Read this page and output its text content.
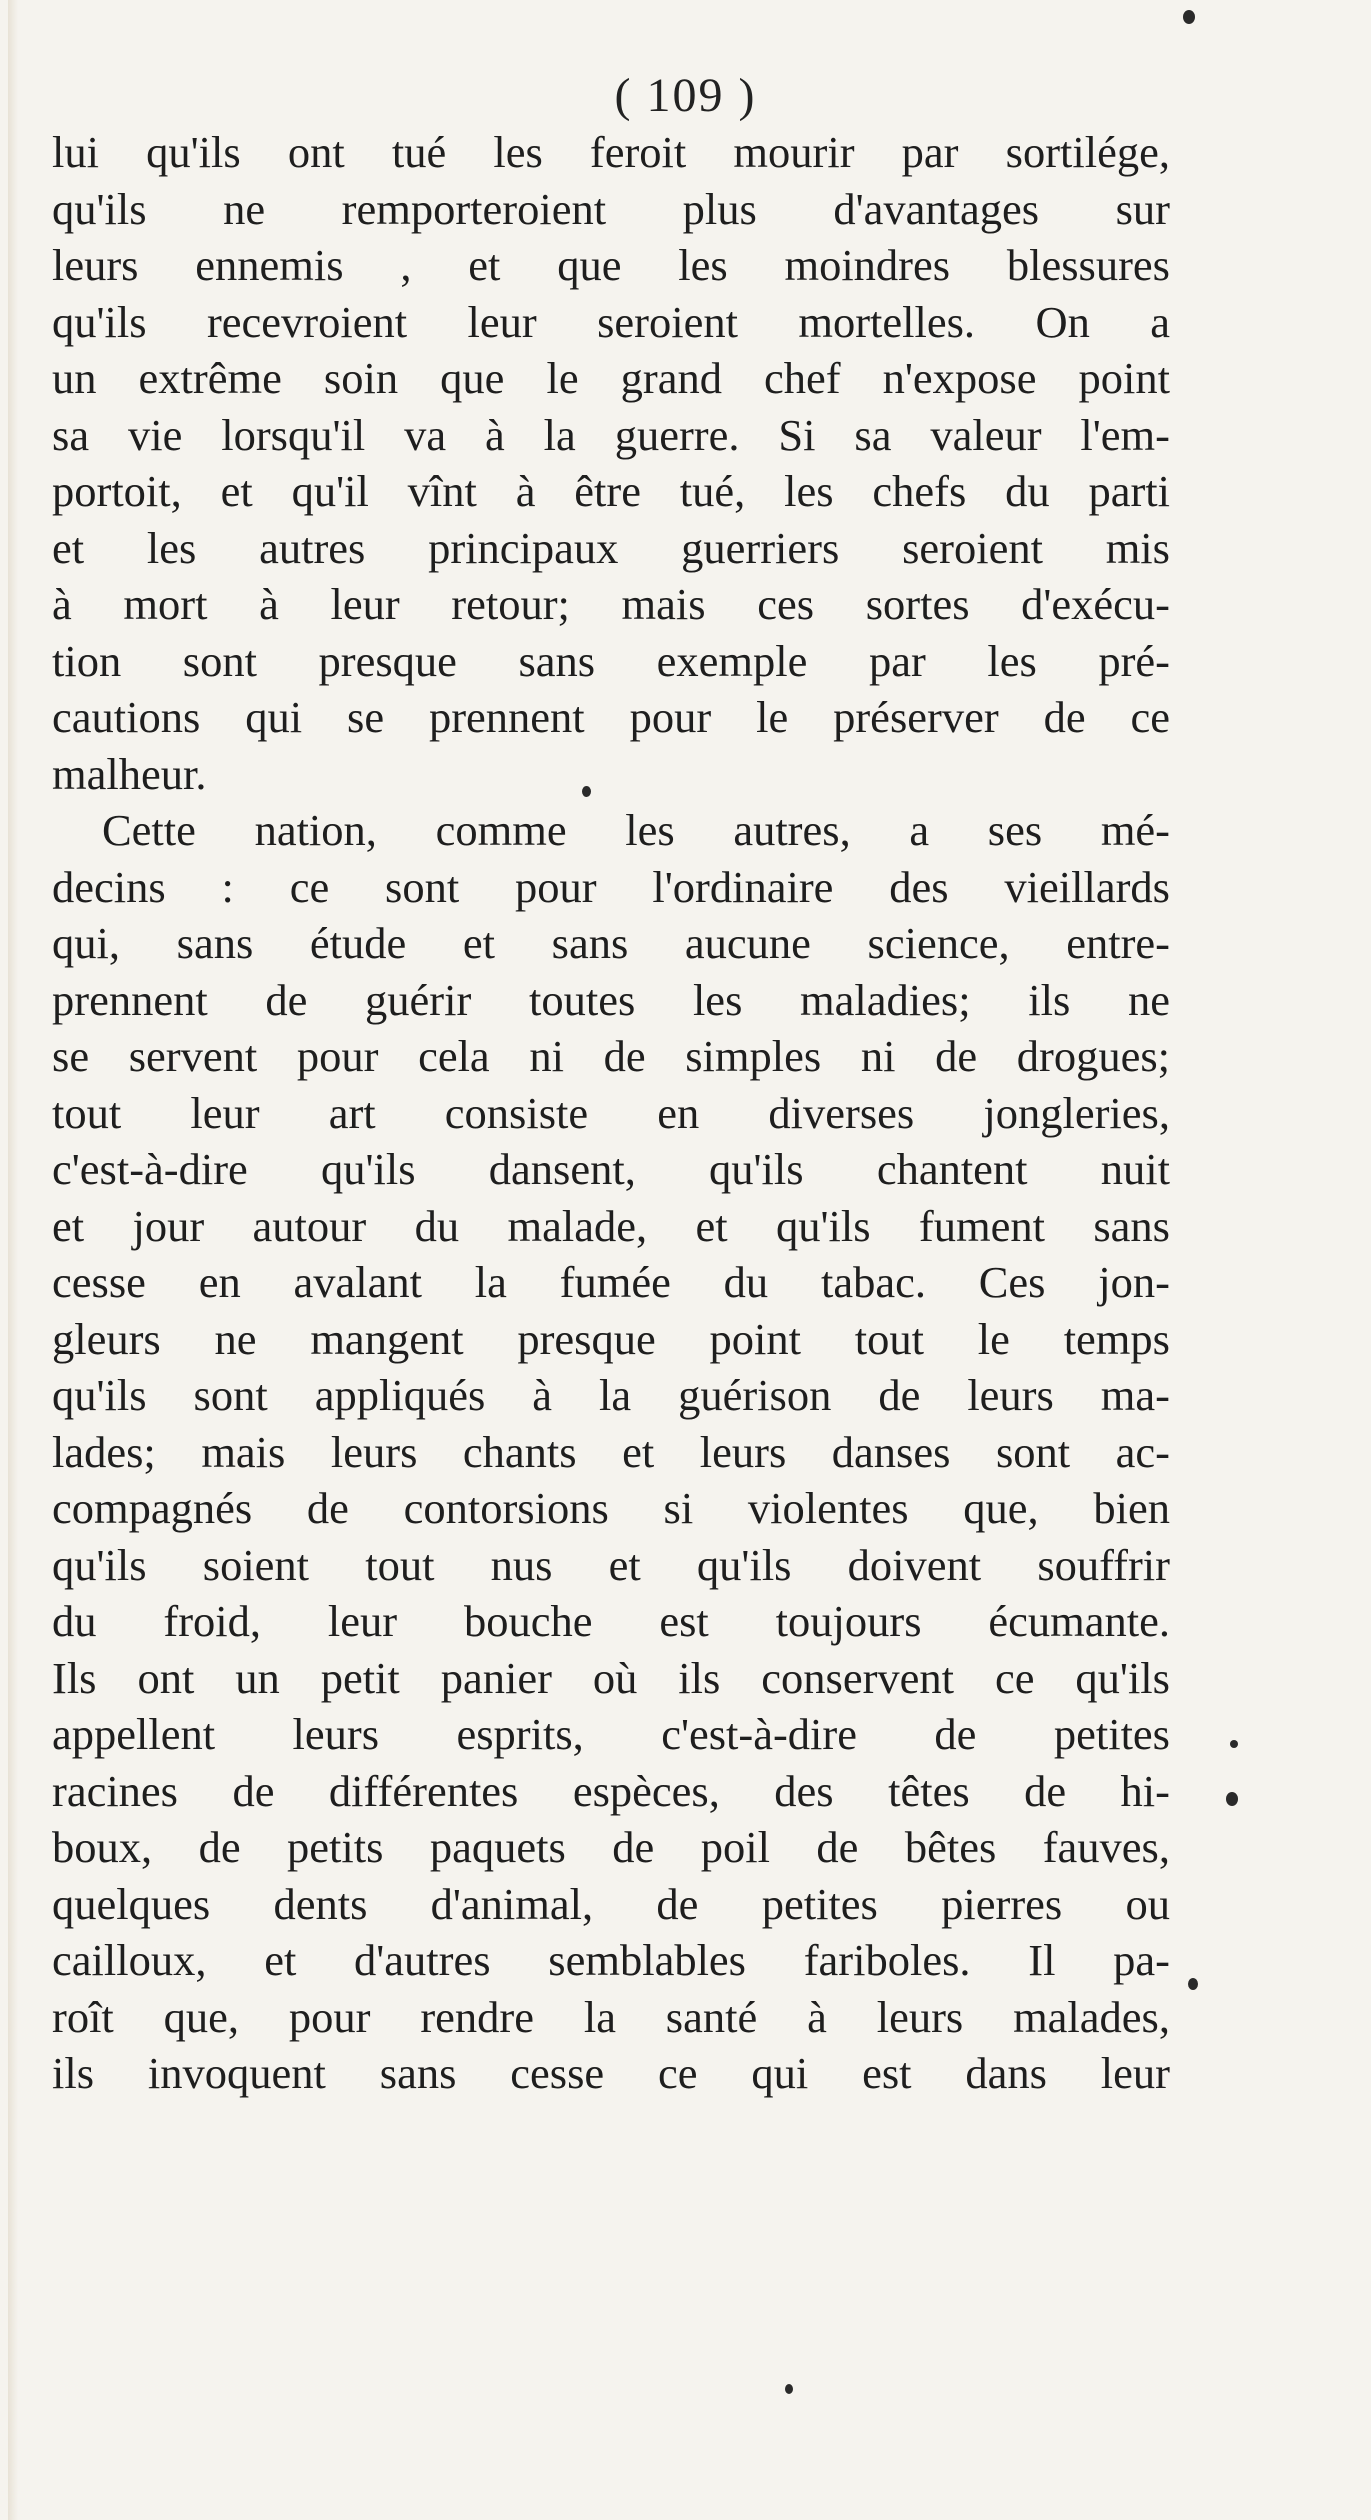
( 109 )
lui qu'ils ont tué les feroit mourir par sortilége,
qu'ils ne remporteroient plus d'avantages sur
leurs ennemis , et que les moindres blessures
qu'ils recevroient leur seroient mortelles. On a
un extrême soin que le grand chef n'expose point
sa vie lorsqu'il va à la guerre. Si sa valeur l'em-
portoit, et qu'il vînt à être tué, les chefs du parti
et les autres principaux guerriers seroient mis
à mort à leur retour; mais ces sortes d'exécu-
tion sont presque sans exemple par les pré-
cautions qui se prennent pour le préserver de ce
malheur.
Cette nation, comme les autres, a ses mé-
decins : ce sont pour l'ordinaire des vieillards
qui, sans étude et sans aucune science, entre-
prennent de guérir toutes les maladies; ils ne
se servent pour cela ni de simples ni de drogues;
tout leur art consiste en diverses jongleries,
c'est-à-dire qu'ils dansent, qu'ils chantent nuit
et jour autour du malade, et qu'ils fument sans
cesse en avalant la fumée du tabac. Ces jon-
gleurs ne mangent presque point tout le temps
qu'ils sont appliqués à la guérison de leurs ma-
lades; mais leurs chants et leurs danses sont ac-
compagnés de contorsions si violentes que, bien
qu'ils soient tout nus et qu'ils doivent souffrir
du froid, leur bouche est toujours écumante.
Ils ont un petit panier où ils conservent ce qu'ils
appellent leurs esprits, c'est-à-dire de petites
racines de différentes espèces, des têtes de hi-
boux, de petits paquets de poil de bêtes fauves,
quelques dents d'animal, de petites pierres ou
cailloux, et d'autres semblables fariboles. Il pa-
roît que, pour rendre la santé à leurs malades,
ils invoquent sans cesse ce qui est dans leur
